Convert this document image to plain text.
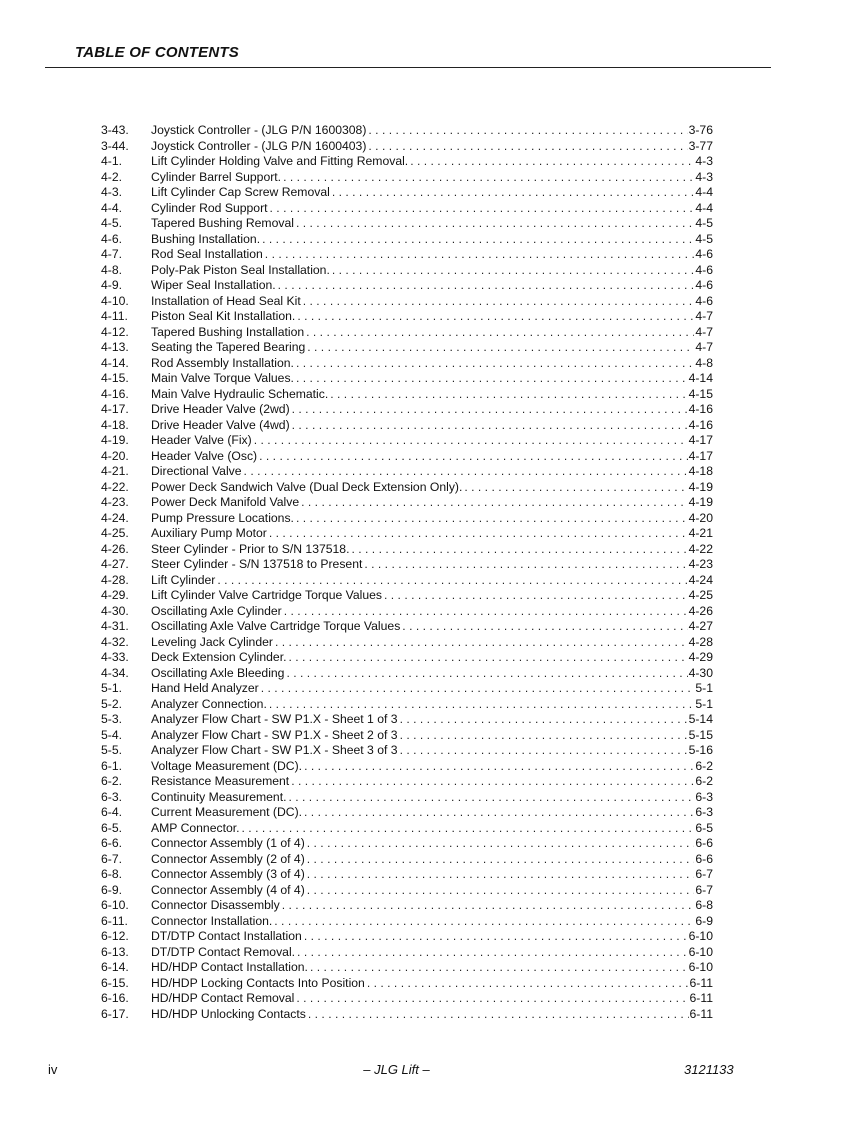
TABLE OF CONTENTS
3-43.	Joystick Controller - (JLG P/N 1600308) . . .	3-76
3-44.	Joystick Controller - (JLG P/N 1600403) . . .	3-77
4-1.	Lift Cylinder Holding Valve and Fitting Removal. . . .	4-3
4-2.	Cylinder Barrel Support. . . .	4-3
4-3.	Lift Cylinder Cap Screw Removal . . .	4-4
4-4.	Cylinder Rod Support . . .	4-4
4-5.	Tapered Bushing Removal . . .	4-5
4-6.	Bushing Installation. . . .	4-5
4-7.	Rod Seal Installation . . .	4-6
4-8.	Poly-Pak Piston Seal Installation. . . .	4-6
4-9.	Wiper Seal Installation. . . .	4-6
4-10.	Installation of Head Seal Kit . . .	4-6
4-11.	Piston Seal Kit Installation. . . .	4-7
4-12.	Tapered Bushing Installation . . .	4-7
4-13.	Seating the Tapered Bearing . . .	4-7
4-14.	Rod Assembly Installation. . . .	4-8
4-15.	Main Valve Torque Values. . . .	4-14
4-16.	Main Valve Hydraulic Schematic. . . .	4-15
4-17.	Drive Header Valve (2wd) . . .	4-16
4-18.	Drive Header Valve (4wd) . . .	4-16
4-19.	Header Valve (Fix) . . .	4-17
4-20.	Header Valve (Osc) . . .	4-17
4-21.	Directional Valve . . .	4-18
4-22.	Power Deck Sandwich Valve (Dual Deck Extension Only). . . .	4-19
4-23.	Power Deck Manifold Valve . . .	4-19
4-24.	Pump Pressure Locations. . . .	4-20
4-25.	Auxiliary Pump Motor . . .	4-21
4-26.	Steer Cylinder - Prior to S/N 137518. . . .	4-22
4-27.	Steer Cylinder - S/N 137518 to Present . . .	4-23
4-28.	Lift Cylinder . . .	4-24
4-29.	Lift Cylinder Valve Cartridge Torque Values . . .	4-25
4-30.	Oscillating Axle Cylinder . . .	4-26
4-31.	Oscillating Axle Valve Cartridge Torque Values . . .	4-27
4-32.	Leveling Jack Cylinder . . .	4-28
4-33.	Deck Extension Cylinder. . . .	4-29
4-34.	Oscillating Axle Bleeding . . .	4-30
5-1.	Hand Held Analyzer . . .	5-1
5-2.	Analyzer Connection. . . .	5-1
5-3.	Analyzer Flow Chart - SW P1.X - Sheet 1 of 3 . . .	5-14
5-4.	Analyzer Flow Chart - SW P1.X - Sheet 2 of 3 . . .	5-15
5-5.	Analyzer Flow Chart - SW P1.X - Sheet 3 of 3 . . .	5-16
6-1.	Voltage Measurement (DC). . . .	6-2
6-2.	Resistance Measurement . . .	6-2
6-3.	Continuity Measurement. . . .	6-3
6-4.	Current Measurement (DC). . . .	6-3
6-5.	AMP Connector. . . .	6-5
6-6.	Connector Assembly (1 of 4) . . .	6-6
6-7.	Connector Assembly (2 of 4) . . .	6-6
6-8.	Connector Assembly (3 of 4) . . .	6-7
6-9.	Connector Assembly (4 of 4) . . .	6-7
6-10.	Connector Disassembly . . .	6-8
6-11.	Connector Installation. . . .	6-9
6-12.	DT/DTP Contact Installation . . .	6-10
6-13.	DT/DTP Contact Removal. . . .	6-10
6-14.	HD/HDP Contact Installation. . . .	6-10
6-15.	HD/HDP Locking Contacts Into Position . . .	6-11
6-16.	HD/HDP Contact Removal . . .	6-11
6-17.	HD/HDP Unlocking Contacts . . .	6-11
iv	– JLG Lift –	3121133
